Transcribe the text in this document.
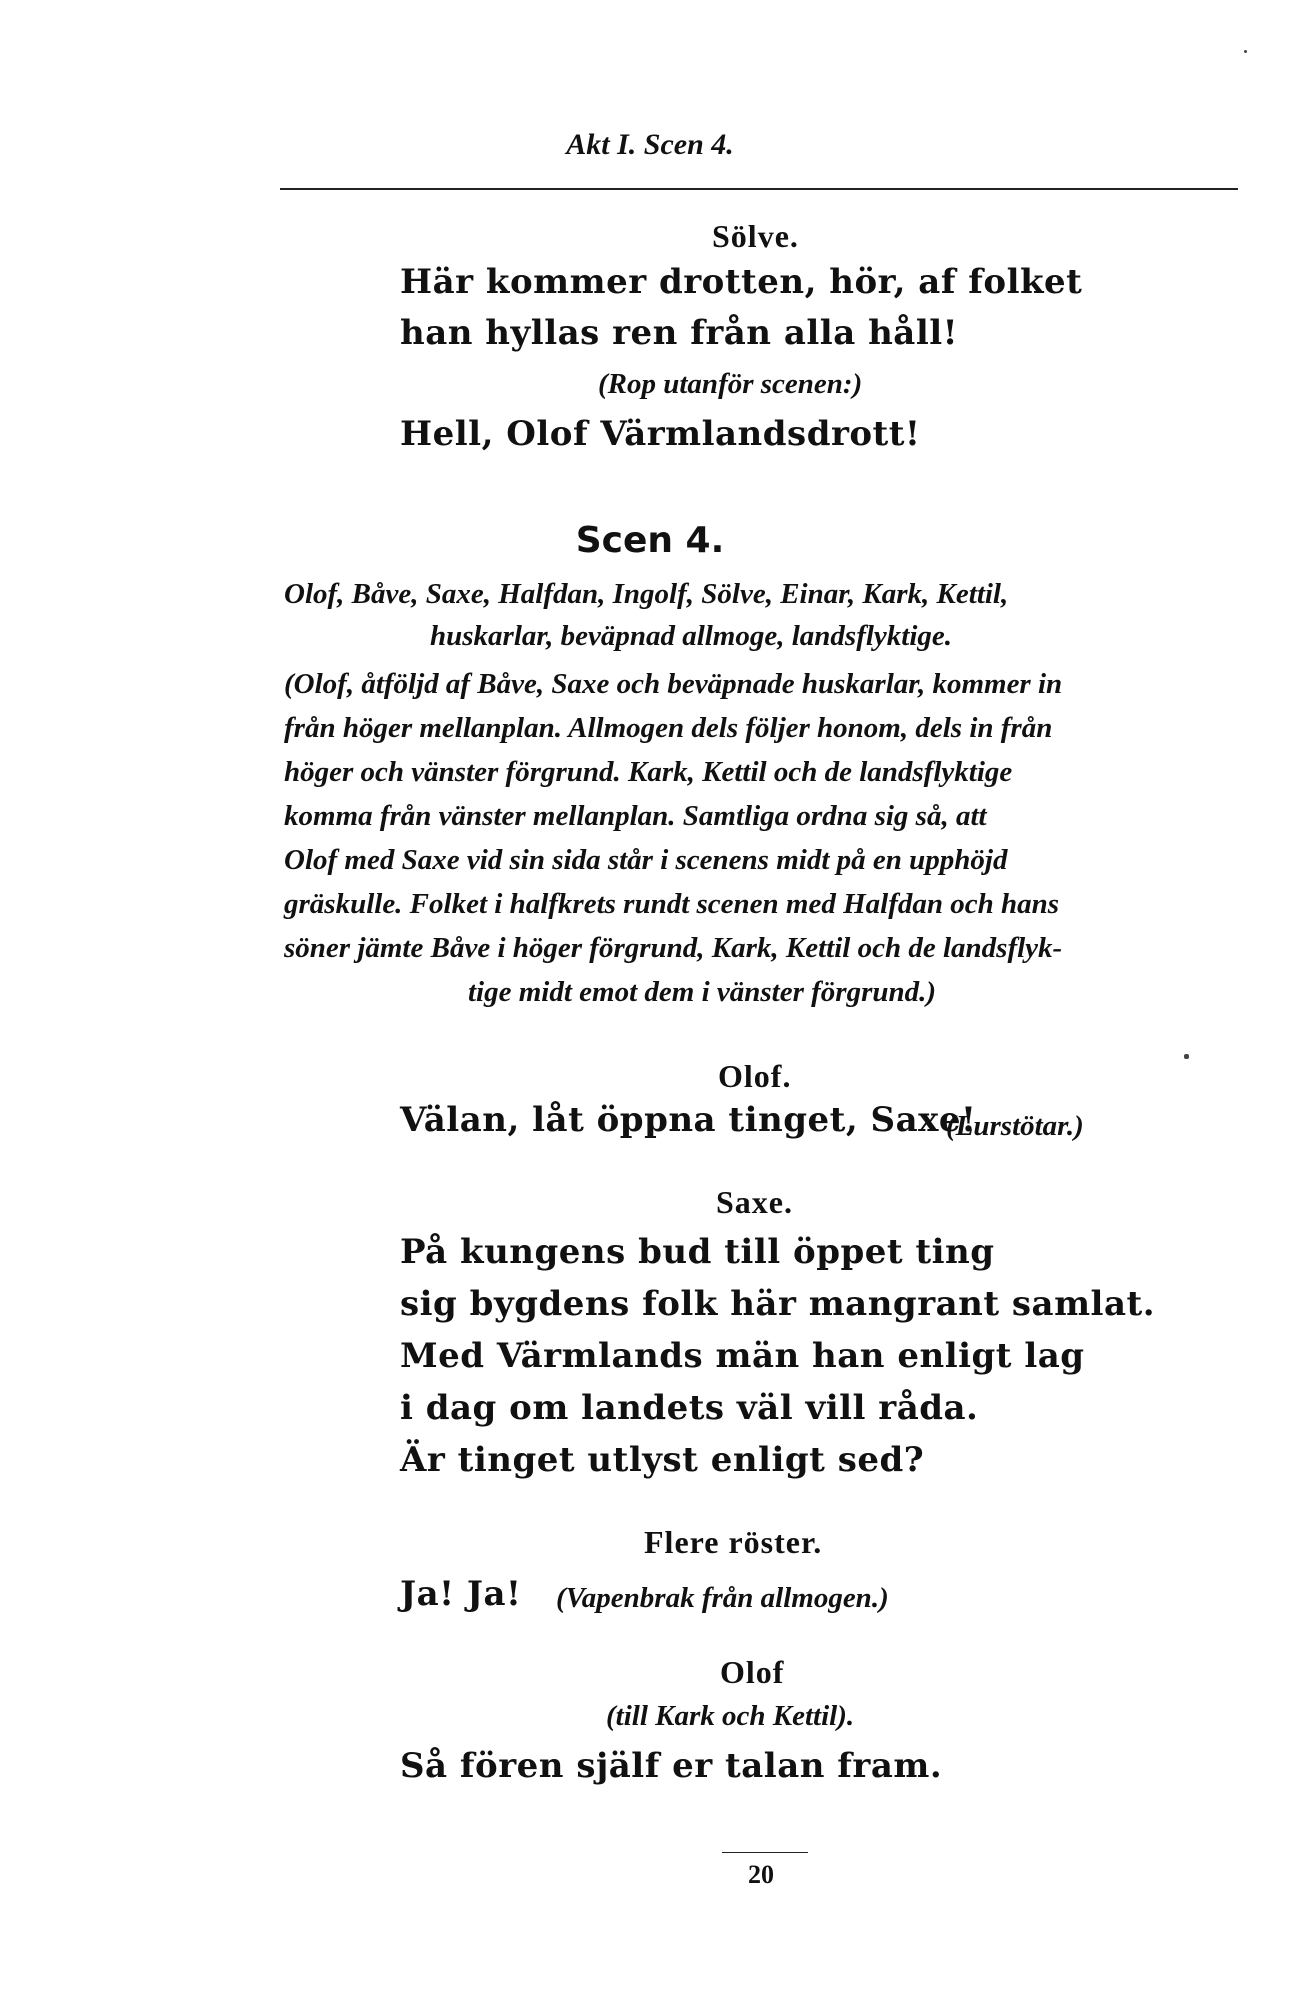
Akt I. Scen 4.
Sölve.
Här kommer drotten, hör, af folket
han hyllas ren från alla håll!
(Rop utanför scenen:)
Hell, Olof Värmlandsdrott!
Scen 4.
Olof, Båve, Saxe, Halfdan, Ingolf, Sölve, Einar, Kark, Kettil,
huskarlar, beväpnad allmoge, landsflyktige.
(Olof, åtföljd af Båve, Saxe och beväpnade huskarlar, kommer in
från höger mellanplan. Allmogen dels följer honom, dels in från
höger och vänster förgrund. Kark, Kettil och de landsflyktige
komma från vänster mellanplan. Samtliga ordna sig så, att
Olof med Saxe vid sin sida står i scenens midt på en upphöjd
gräskulle. Folket i halfkrets rundt scenen med Halfdan och hans
söner jämte Båve i höger förgrund, Kark, Kettil och de landsflyk-
tige midt emot dem i vänster förgrund.)
Olof.
Välan, låt öppna tinget, Saxe!
(Lurstötar.)
Saxe.
På kungens bud till öppet ting
sig bygdens folk här mangrant samlat.
Med Värmlands män han enligt lag
i dag om landets väl vill råda.
Är tinget utlyst enligt sed?
Flere röster.
Ja! Ja! (Vapenbrak från allmogen.)
Olof
(till Kark och Kettil).
Så fören själf er talan fram.
20
